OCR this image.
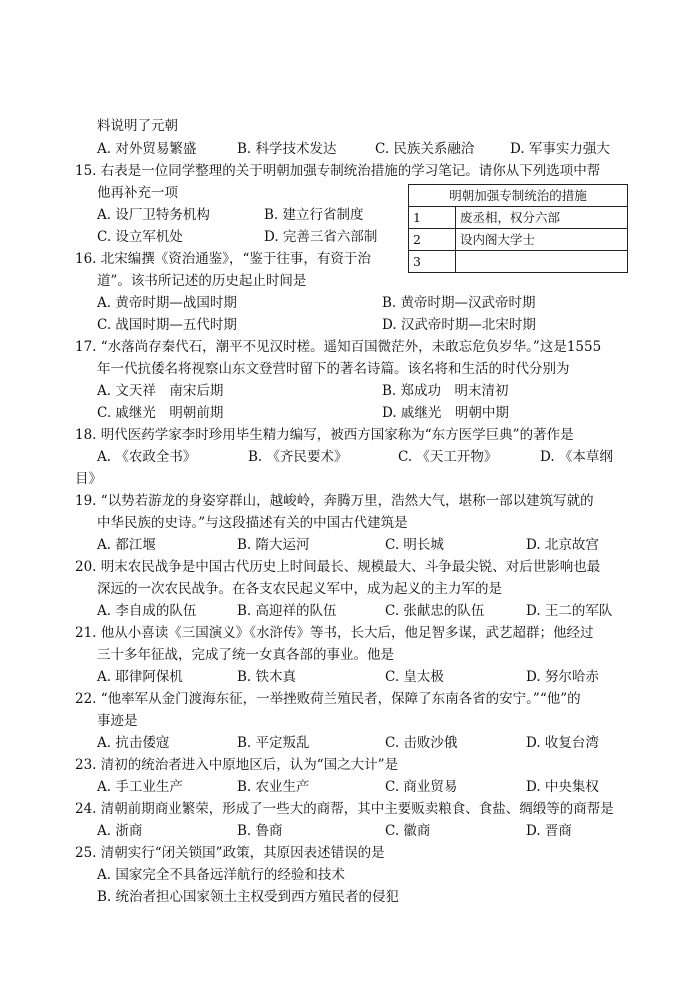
料说明了元朝
A. 对外贸易繁盛	B. 科学技术发达	C. 民族关系融洽	D. 军事实力强大
15. 右表是一位同学整理的关于明朝加强专制统治措施的学习笔记。请你从下列选项中帮
他再补充一项
A. 设厂卫特务机构	B. 建立行省制度
C. 设立军机处	D. 完善三省六部制
明朝加强专制统治的措施	
1	废丞相，权分六部
2	设内阁大学士
3	
16. 北宋编撰《资治通鉴》，“鉴于往事，有资于治
道”。该书所记述的历史起止时间是
A. 黄帝时期—战国时期	B. 黄帝时期—汉武帝时期
C. 战国时期—五代时期	D. 汉武帝时期—北宋时期
17. “水落尚存秦代石，潮平不见汉时槎。遥知百国微茫外，未敢忘危负岁华。”这是1555
年一代抗倭名将视察山东文登营时留下的著名诗篇。该名将和生活的时代分别为
A. 文天祥　南宋后期	B. 郑成功　明末清初
C. 戚继光　明朝前期	D. 戚继光　明朝中期
18. 明代医药学家李时珍用毕生精力编写，被西方国家称为“东方医学巨典”的著作是
A. 《农政全书》	B. 《齐民要术》	C. 《天工开物》	D. 《本草纲
目》
19. “以势若游龙的身姿穿群山，越峻岭，奔腾万里，浩然大气，堪称一部以建筑写就的
中华民族的史诗。”与这段描述有关的中国古代建筑是
A. 都江堰	B. 隋大运河	C. 明长城	D. 北京故宫
20. 明末农民战争是中国古代历史上时间最长、规模最大、斗争最尖锐、对后世影响也最
深远的一次农民战争。在各支农民起义军中，成为起义的主力军的是
A. 李自成的队伍	B. 高迎祥的队伍	C. 张献忠的队伍	D. 王二的军队
21. 他从小喜读《三国演义》《水浒传》等书，长大后，他足智多谋，武艺超群；他经过
三十多年征战，完成了统一女真各部的事业。他是
A. 耶律阿保机	B. 铁木真	C. 皇太极	D. 努尔哈赤
22. “他率军从金门渡海东征，一举挫败荷兰殖民者，保障了东南各省的安宁。”“他”的
事迹是
A. 抗击倭寇	B. 平定叛乱	C. 击败沙俄	D. 收复台湾
23. 清初的统治者进入中原地区后，认为“国之大计”是
A. 手工业生产	B. 农业生产	C. 商业贸易	D. 中央集权
24. 清朝前期商业繁荣，形成了一些大的商帮，其中主要贩卖粮食、食盐、绸缎等的商帮是
A. 浙商	B. 鲁商	C. 徽商	D. 晋商
25. 清朝实行“闭关锁国”政策，其原因表述错误的是
A. 国家完全不具备远洋航行的经验和技术
B. 统治者担心国家领土主权受到西方殖民者的侵犯
